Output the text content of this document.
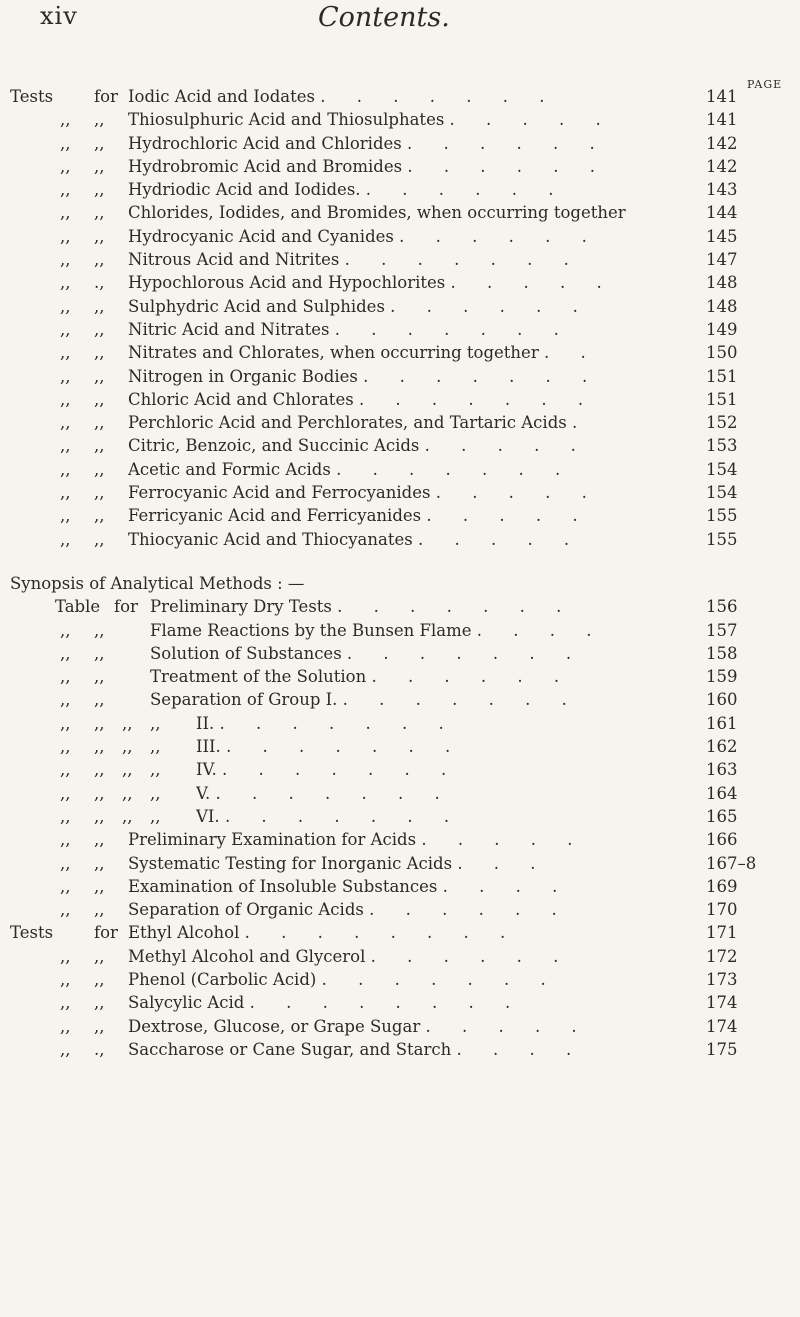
xiv	Contents.
PAGE
Tests for Iodic Acid and Iodates . . . . . . .	141
,, ,, Thiosulphuric Acid and Thiosulphates . . . . .	141
,, ,, Hydrochloric Acid and Chlorides . . . . . .	142
,, ,, Hydrobromic Acid and Bromides . . . . . .	142
,, ,, Hydriodic Acid and Iodides. . . . . . .	143
,, ,, Chlorides, Iodides, and Bromides, when occurring together	144
,, ,, Hydrocyanic Acid and Cyanides . . . . . .	145
,, ,, Nitrous Acid and Nitrites . . . . . . .	147
,, ., Hypochlorous Acid and Hypochlorites . . . . .	148
,, ,, Sulphydric Acid and Sulphides . . . . . .	148
,, ,, Nitric Acid and Nitrates . . . . . . .	149
,, ,, Nitrates and Chlorates, when occurring together . .	150
,, ,, Nitrogen in Organic Bodies . . . . . . .	151
,, ,, Chloric Acid and Chlorates . . . . . . .	151
,, ,, Perchloric Acid and Perchlorates, and Tartaric Acids .	152
,, ,, Citric, Benzoic, and Succinic Acids . . . . .	153
,, ,, Acetic and Formic Acids . . . . . . .	154
,, ,, Ferrocyanic Acid and Ferrocyanides . . . . .	154
,, ,, Ferricyanic Acid and Ferricyanides . . . . .	155
,, ,, Thiocyanic Acid and Thiocyanates . . . . .	155
Synopsis of Analytical Methods : —
Table for Preliminary Dry Tests . . . . . . .	156
,, ,,	Flame Reactions by the Bunsen Flame . . . .	157
,, ,,	Solution of Substances . . . . . . .	158
,, ,,	Treatment of the Solution . . . . . .	159
,, ,,	Separation of Group I. . . . . . . .	160
,, ,, ,, ,, II. . . . . . . .	161
,, ,, ,, ,, III. . . . . . . .	162
,, ,, ,, ,, IV. . . . . . . .	163
,, ,, ,, ,, V. . . . . . . .	164
,, ,, ,, ,, VI. . . . . . . .	165
,, ,, Preliminary Examination for Acids . . . . .	166
,, ,, Systematic Testing for Inorganic Acids . . .	167–8
,, ,, Examination of Insoluble Substances . . . .	169
,, ,, Separation of Organic Acids . . . . . .	170
Tests for Ethyl Alcohol . . . . . . . .	171
,, ,, Methyl Alcohol and Glycerol . . . . . .	172
,, ,, Phenol (Carbolic Acid) . . . . . . .	173
,, ,, Salycylic Acid . . . . . . . .	174
,, ,, Dextrose, Glucose, or Grape Sugar . . . . .	174
,, ., Saccharose or Cane Sugar, and Starch . . . .	175
